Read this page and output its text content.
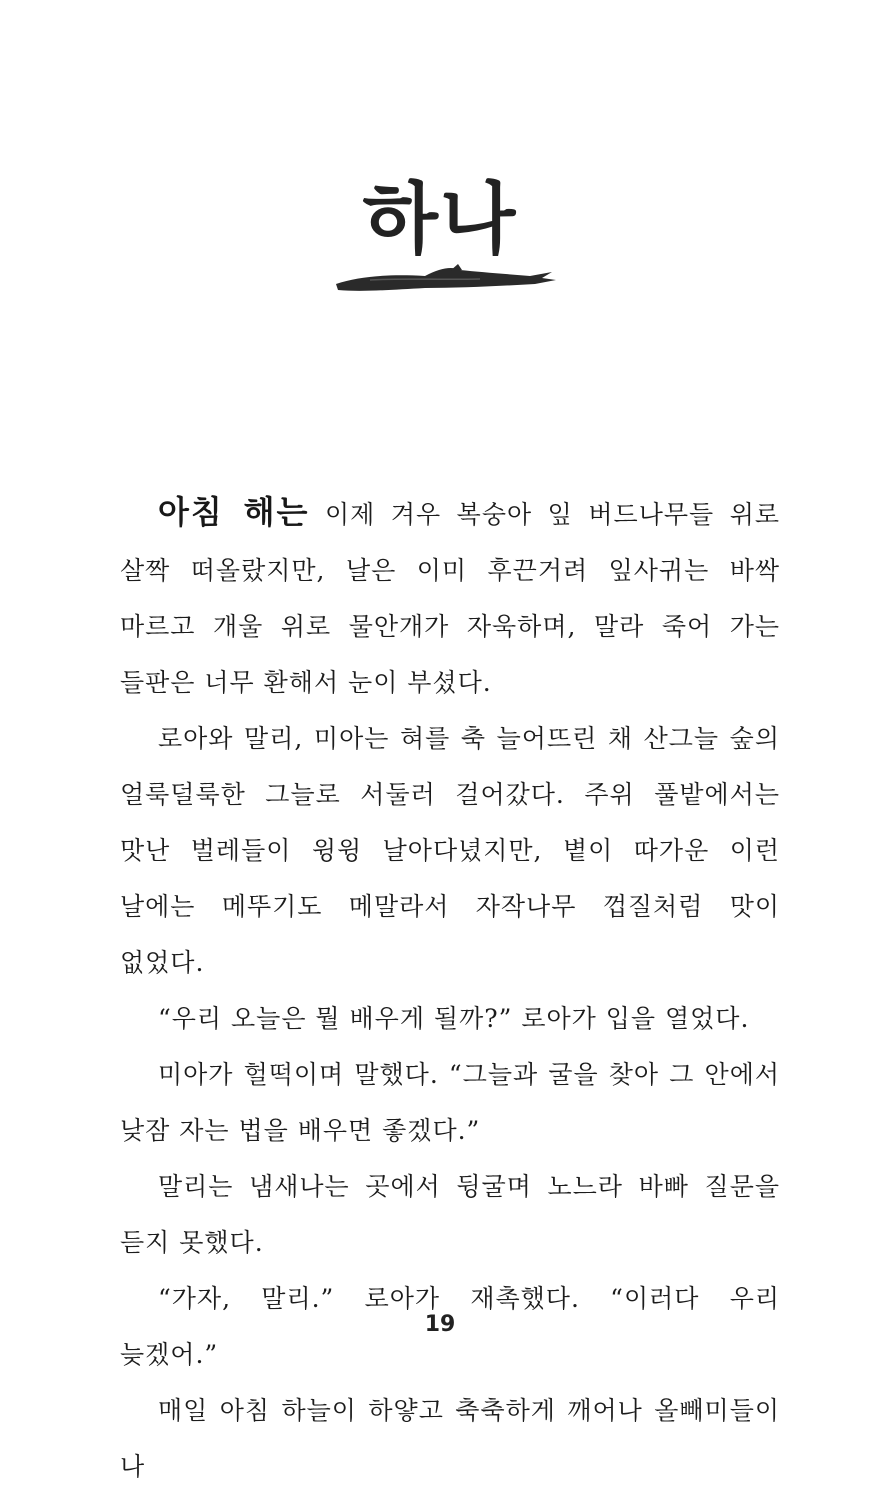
하나

아침 해는 이제 겨우 복숭아 잎 버드나무들 위로 살짝 떠올랐지만, 날은 이미 후끈거려 잎사귀는 바싹 마르고 개울 위로 물안개가 자욱하며, 말라 죽어 가는 들판은 너무 환해서 눈이 부셨다.

로아와 말리, 미아는 혀를 축 늘어뜨린 채 산그늘 숲의 얼룩덜룩한 그늘로 서둘러 걸어갔다. 주위 풀밭에서는 맛난 벌레들이 윙윙 날아다녔지만, 볕이 따가운 이런 날에는 메뚜기도 메말라서 자작나무 껍질처럼 맛이 없었다.

“우리 오늘은 뭘 배우게 될까?” 로아가 입을 열었다.

미아가 헐떡이며 말했다. “그늘과 굴을 찾아 그 안에서 낮잠 자는 법을 배우면 좋겠다.”

말리는 냄새나는 곳에서 뒹굴며 노느라 바빠 질문을 듣지 못했다.

“가자, 말리.” 로아가 재촉했다. “이러다 우리 늦겠어.”

매일 아침 하늘이 하얗고 축축하게 깨어나 올빼미들이 나

19
